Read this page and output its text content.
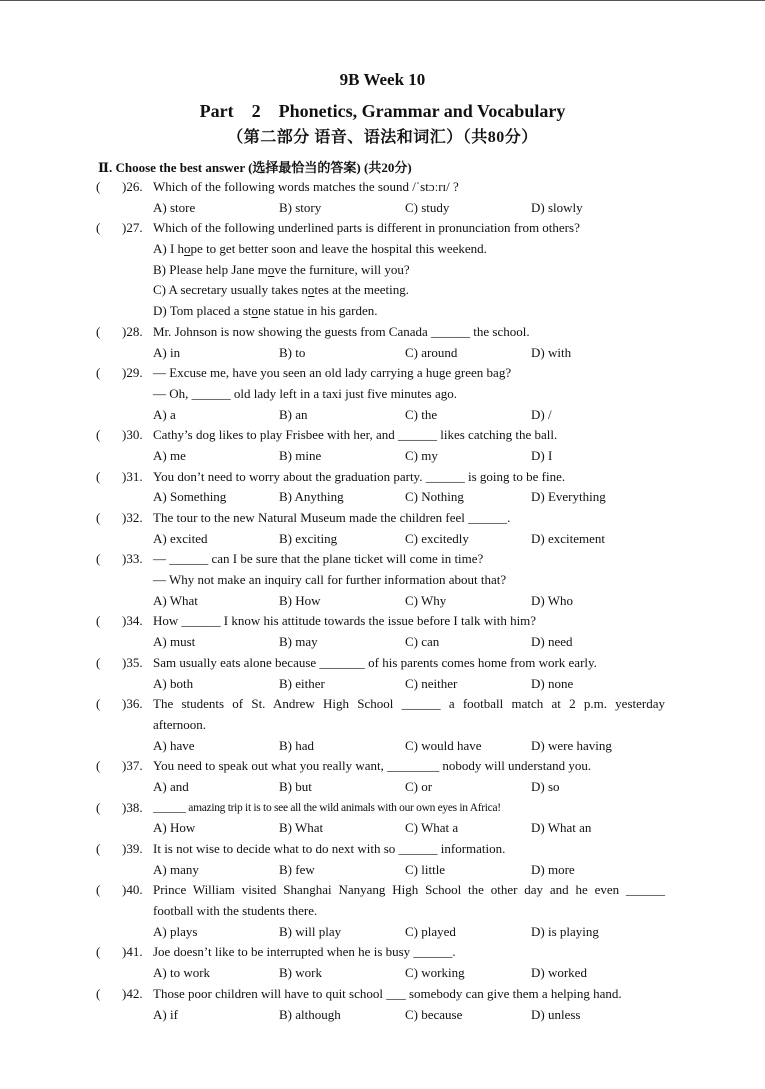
9B Week 10
Part 2 Phonetics, Grammar and Vocabulary
（第二部分 语音、语法和词汇）（共80分）
Ⅱ. Choose the best answer (选择最恰当的答案) (共20分)
( )26. Which of the following words matches the sound /ˈstɔːrɪ/ ?
A) store	B) story	C) study	D) slowly
( )27. Which of the following underlined parts is different in pronunciation from others?
A) I hope to get better soon and leave the hospital this weekend.
B) Please help Jane move the furniture, will you?
C) A secretary usually takes notes at the meeting.
D) Tom placed a stone statue in his garden.
( )28. Mr. Johnson is now showing the guests from Canada ______ the school.
A) in	B) to	C) around	D) with
( )29. — Excuse me, have you seen an old lady carrying a huge green bag?
— Oh, ______ old lady left in a taxi just five minutes ago.
A) a	B) an	C) the	D) /
( )30. Cathy’s dog likes to play Frisbee with her, and ______ likes catching the ball.
A) me	B) mine	C) my	D) I
( )31. You don’t need to worry about the graduation party. ______ is going to be fine.
A) Something	B) Anything	C) Nothing	D) Everything
( )32. The tour to the new Natural Museum made the children feel ______.
A) excited	B) exciting	C) excitedly	D) excitement
( )33. — ______ can I be sure that the plane ticket will come in time?
— Why not make an inquiry call for further information about that?
A) What	B) How	C) Why	D) Who
( )34. How ______ I know his attitude towards the issue before I talk with him?
A) must	B) may	C) can	D) need
( )35. Sam usually eats alone because _______ of his parents comes home from work early.
A) both	B) either	C) neither	D) none
( )36. The students of St. Andrew High School ______ a football match at 2 p.m. yesterday
afternoon.
A) have	B) had	C) would have	D) were having
( )37. You need to speak out what you really want, ________ nobody will understand you.
A) and	B) but	C) or	D) so
( )38. ______ amazing trip it is to see all the wild animals with our own eyes in Africa!
A) How	B) What	C) What a	D) What an
( )39. It is not wise to decide what to do next with so ______ information.
A) many	B) few	C) little	D) more
( )40. Prince William visited Shanghai Nanyang High School the other day and he even ______
football with the students there.
A) plays	B) will play	C) played	D) is playing
( )41. Joe doesn’t like to be interrupted when he is busy ______.
A) to work	B) work	C) working	D) worked
( )42. Those poor children will have to quit school ___ somebody can give them a helping hand.
A) if	B) although	C) because	D) unless
